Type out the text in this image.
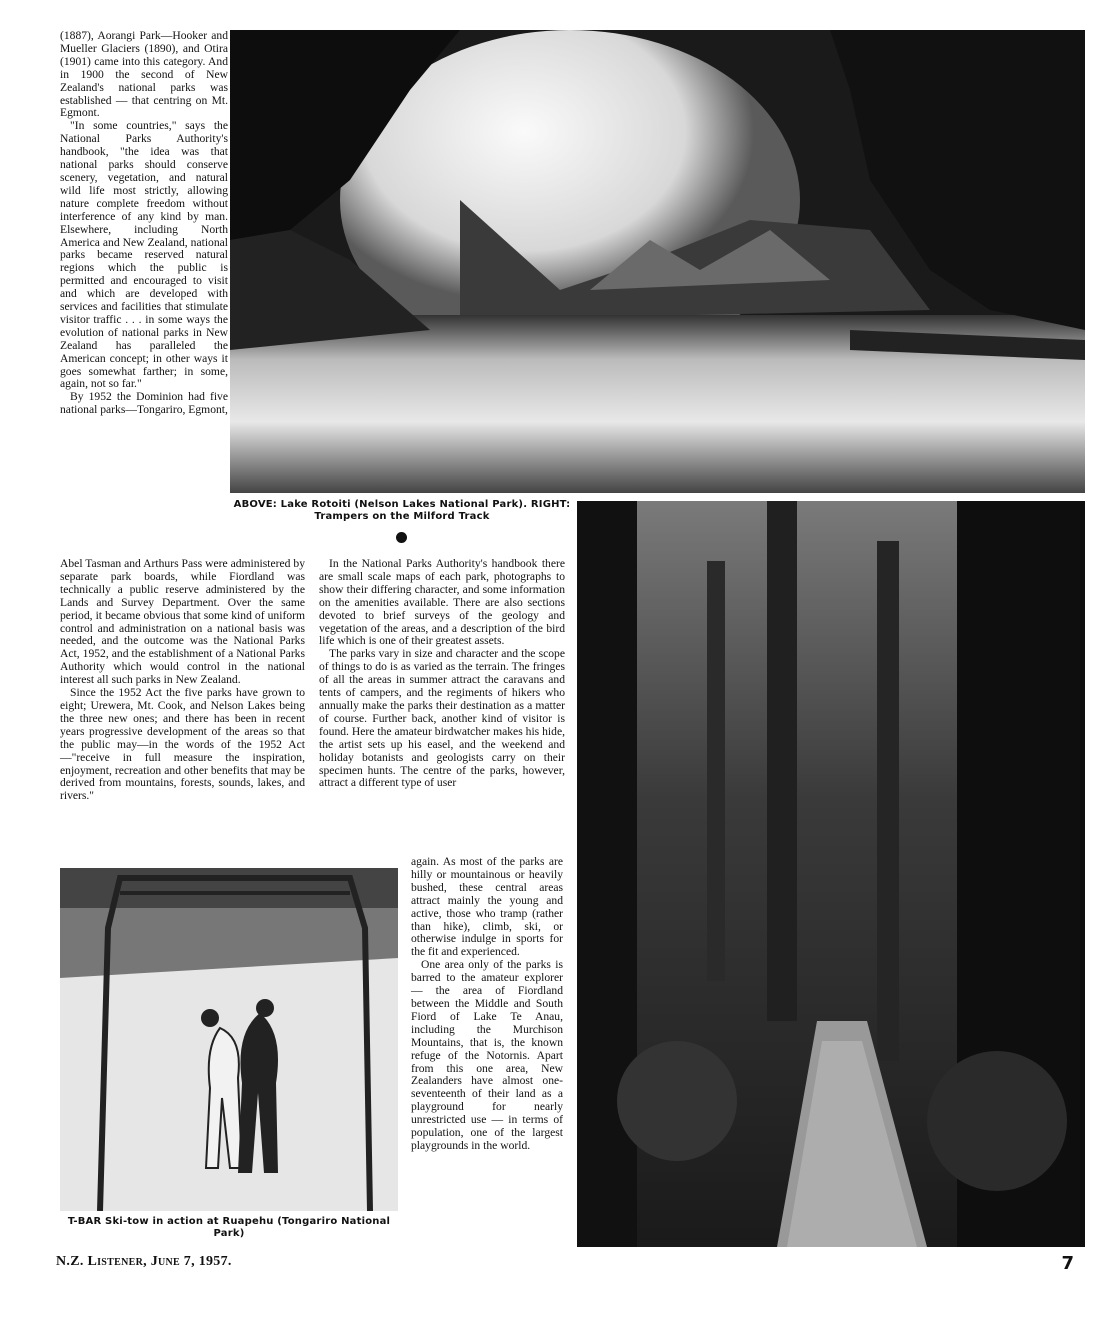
(1887), Aorangi Park—Hooker and Mueller Glaciers (1890), and Otira (1901) came into this category. And in 1900 the second of New Zealand's national parks was established — that centring on Mt. Egmont.

"In some countries," says the National Parks Authority's handbook, "the idea was that national parks should conserve scenery, vegetation, and natural wild life most strictly, allowing nature complete freedom without interference of any kind by man. Elsewhere, including North America and New Zealand, national parks became reserved natural regions which the public is permitted and encouraged to visit and which are developed with services and facilities that stimulate visitor traffic . . . in some ways the evolution of national parks in New Zealand has paralleled the American concept; in other ways it goes somewhat farther; in some, again, not so far."

By 1952 the Dominion had five national parks—Tongariro, Egmont,

Abel Tasman and Arthurs Pass were administered by separate park boards, while Fiordland was technically a public reserve administered by the Lands and Survey Department. Over the same period, it became obvious that some kind of uniform control and administration on a national basis was needed, and the outcome was the National Parks Act, 1952, and the establishment of a National Parks Authority which would control in the national interest all such parks in New Zealand.

Since the 1952 Act the five parks have grown to eight; Urewera, Mt. Cook, and Nelson Lakes being the three new ones; and there has been in recent years progressive development of the areas so that the public may—in the words of the 1952 Act—"receive in full measure the inspiration, enjoyment, recreation and other benefits that may be derived from mountains, forests, sounds, lakes, and rivers."

In the National Parks Authority's handbook there are small scale maps of each park, photographs to show their differing character, and some information on the amenities available. There are also sections devoted to brief surveys of the geology and vegetation of the areas, and a description of the bird life which is one of their greatest assets.

The parks vary in size and character and the scope of things to do is as varied as the terrain. The fringes of all the areas in summer attract the caravans and tents of campers, and the regiments of hikers who annually make the parks their destination as a matter of course. Further back, another kind of visitor is found. Here the amateur birdwatcher makes his hide, the artist sets up his easel, and the weekend and holiday botanists and geologists carry on their specimen hunts. The centre of the parks, however, attract a different type of user

again. As most of the parks are hilly or mountainous or heavily bushed, these central areas attract mainly the young and active, those who tramp (rather than hike), climb, ski, or otherwise indulge in sports for the fit and experienced.

One area only of the parks is barred to the amateur explorer — the area of Fiordland between the Middle and South Fiord of Lake Te Anau, including the Murchison Mountains, that is, the known refuge of the Notornis. Apart from this one area, New Zealanders have almost one-seventeenth of their land as a playground for nearly unrestricted use — in terms of population, one of the largest playgrounds in the world.

ABOVE: Lake Rotoiti (Nelson Lakes National Park). RIGHT: Trampers on the Milford Track
T-BAR Ski-tow in action at Ruapehu (Tongariro National Park)
N.Z. Listener, June 7, 1957.	7
